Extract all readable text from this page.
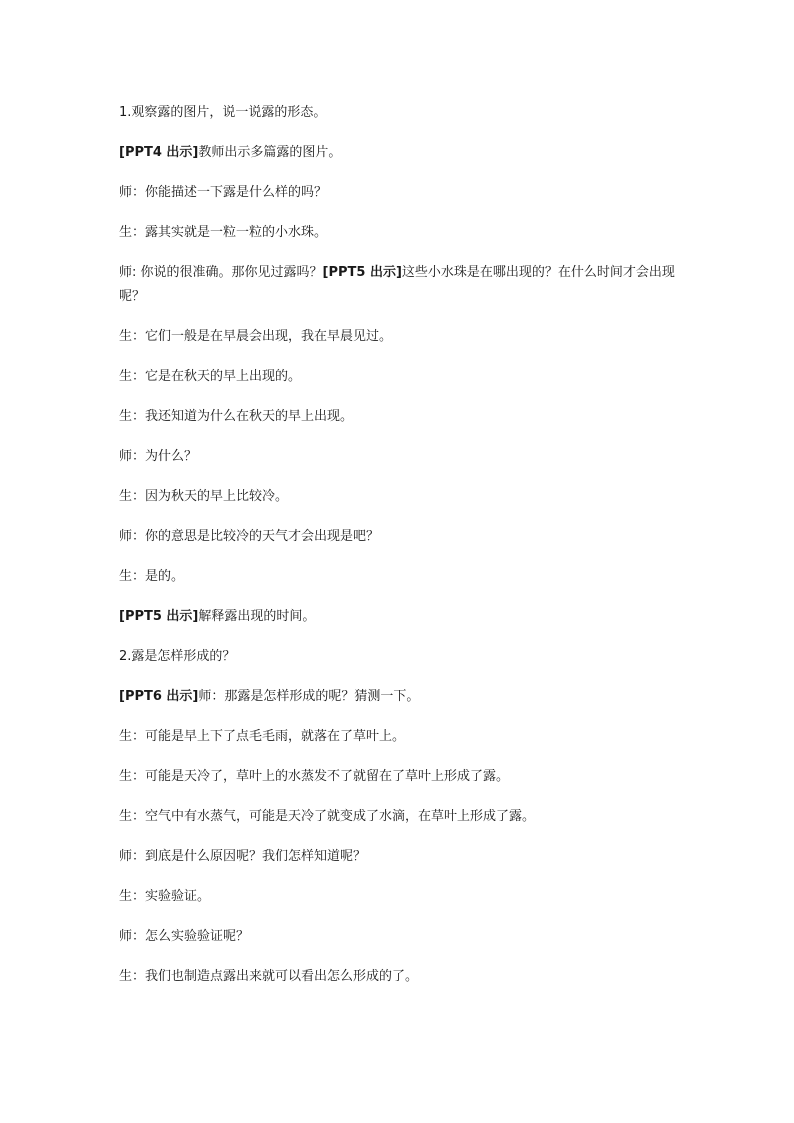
1.观察露的图片，说一说露的形态。

[PPT4 出示]教师出示多篇露的图片。

师：你能描述一下露是什么样的吗？

生：露其实就是一粒一粒的小水珠。

师: 你说的很准确。那你见过露吗？[PPT5 出示]这些小水珠是在哪出现的？在什么时间才会出现呢？

生：它们一般是在早晨会出现，我在早晨见过。

生：它是在秋天的早上出现的。

生：我还知道为什么在秋天的早上出现。

师：为什么？

生：因为秋天的早上比较冷。

师：你的意思是比较冷的天气才会出现是吧？

生：是的。

[PPT5 出示]解释露出现的时间。

2.露是怎样形成的？

[PPT6 出示]师：那露是怎样形成的呢？猜测一下。

生：可能是早上下了点毛毛雨，就落在了草叶上。

生：可能是天冷了，草叶上的水蒸发不了就留在了草叶上形成了露。

生：空气中有水蒸气，可能是天冷了就变成了水滴，在草叶上形成了露。

师：到底是什么原因呢？我们怎样知道呢？

生：实验验证。

师：怎么实验验证呢？

生：我们也制造点露出来就可以看出怎么形成的了。
